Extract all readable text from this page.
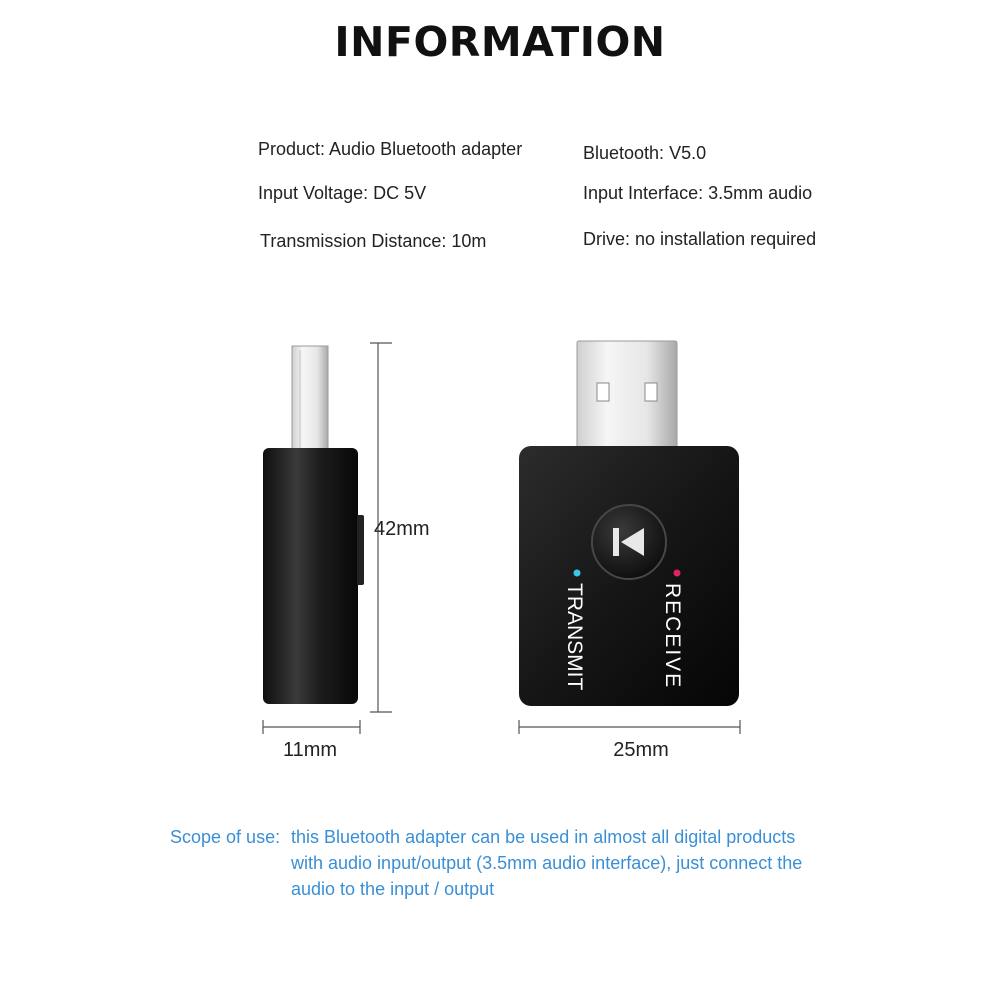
INFORMATION
Product: Audio Bluetooth adapter
Input Voltage: DC 5V
Transmission Distance: 10m
Bluetooth: V5.0
Input Interface: 3.5mm audio
Drive: no installation required
TRANSMIT	RECEIVE
42mm
11mm	25mm
Scope of use: this Bluetooth adapter can be used in almost all digital products
with audio input/output (3.5mm audio interface), just connect the
audio to the input / output
